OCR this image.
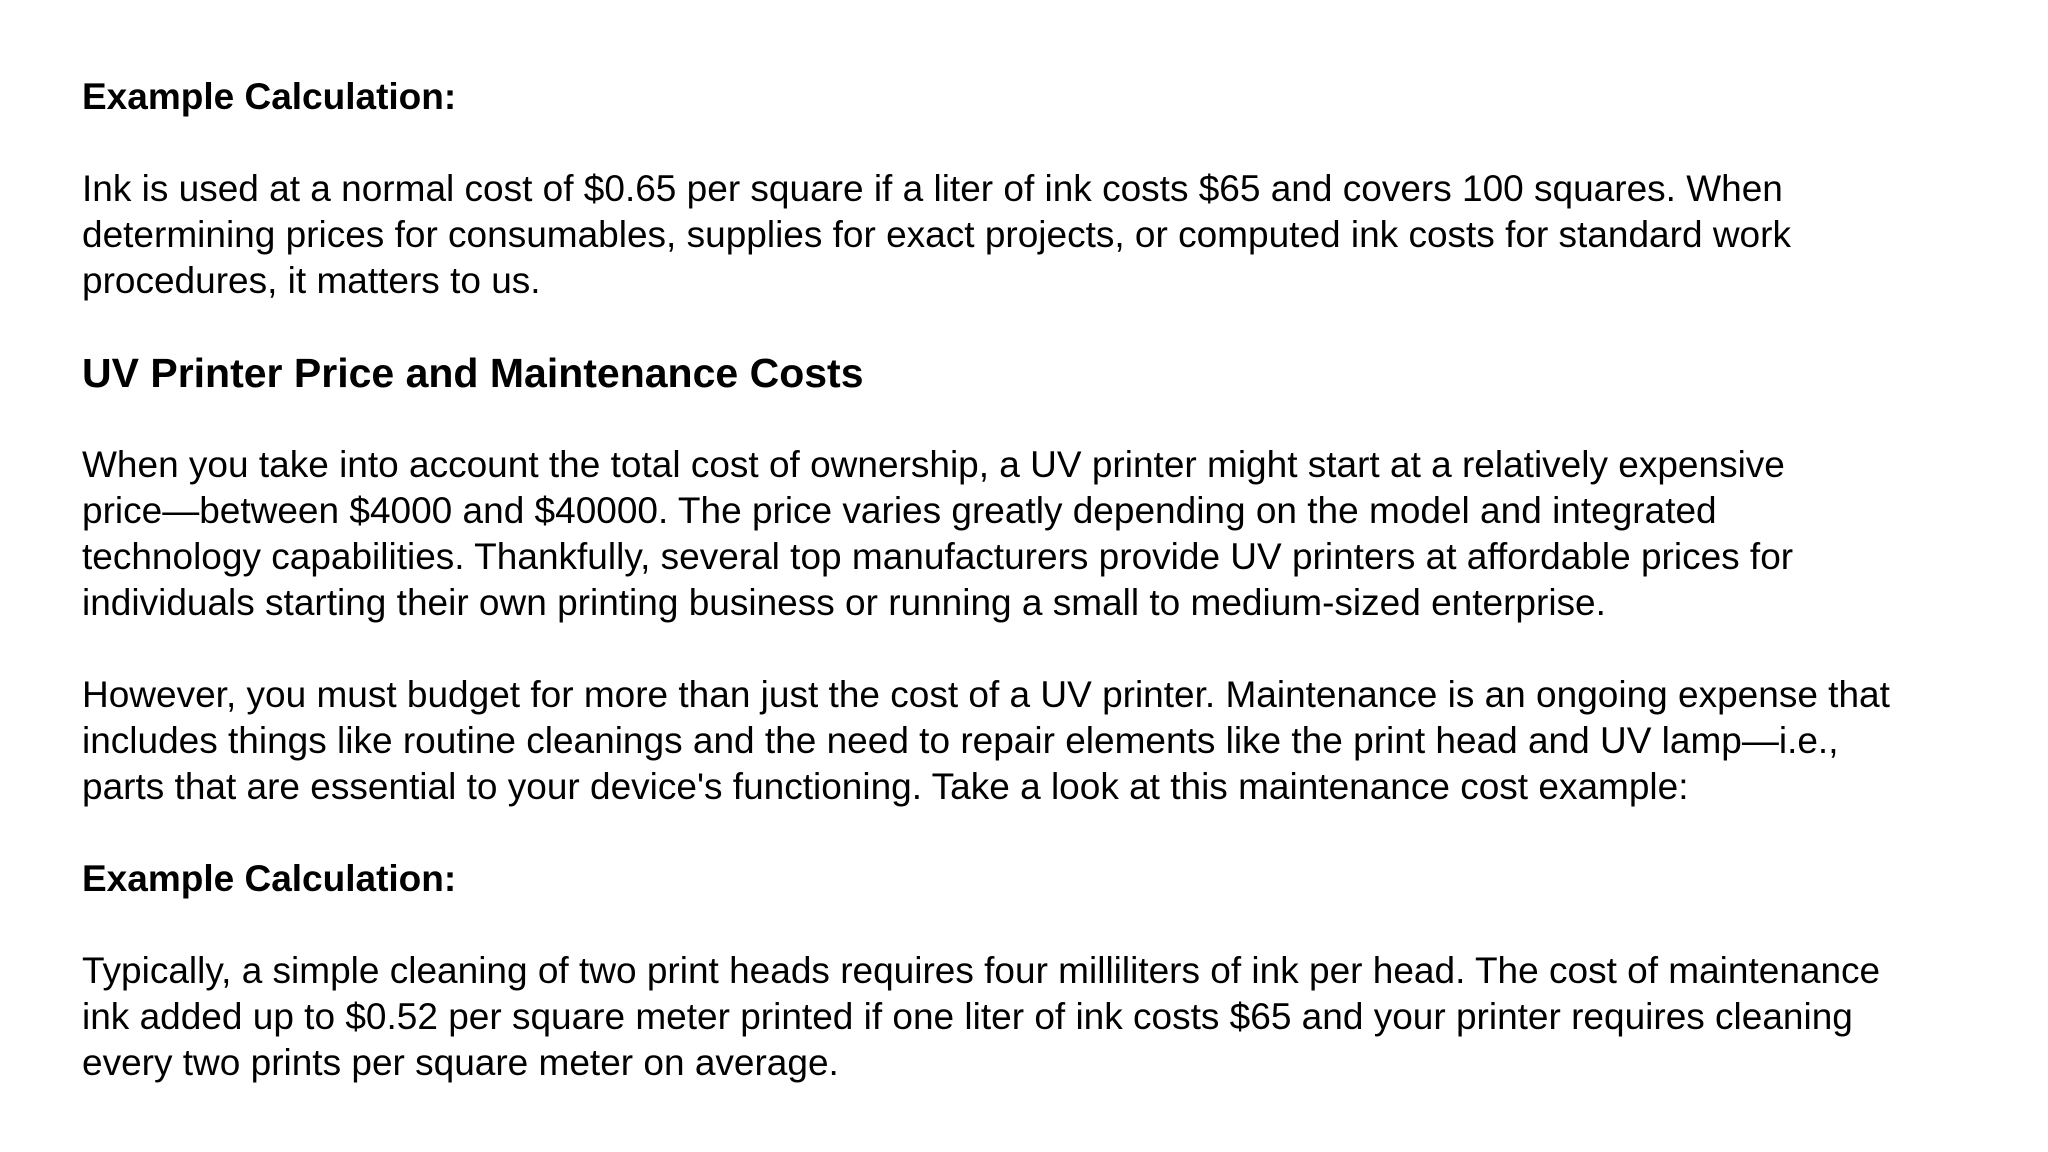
Example Calculation:

Ink is used at a normal cost of $0.65 per square if a liter of ink costs $65 and covers 100 squares. When
determining prices for consumables, supplies for exact projects, or computed ink costs for standard work
procedures, it matters to us.

UV Printer Price and Maintenance Costs

When you take into account the total cost of ownership, a UV printer might start at a relatively expensive
price—between $4000 and $40000. The price varies greatly depending on the model and integrated
technology capabilities. Thankfully, several top manufacturers provide UV printers at affordable prices for
individuals starting their own printing business or running a small to medium-sized enterprise.

However, you must budget for more than just the cost of a UV printer. Maintenance is an ongoing expense that
includes things like routine cleanings and the need to repair elements like the print head and UV lamp—i.e.,
parts that are essential to your device's functioning. Take a look at this maintenance cost example:

Example Calculation:

Typically, a simple cleaning of two print heads requires four milliliters of ink per head. The cost of maintenance
ink added up to $0.52 per square meter printed if one liter of ink costs $65 and your printer requires cleaning
every two prints per square meter on average.
